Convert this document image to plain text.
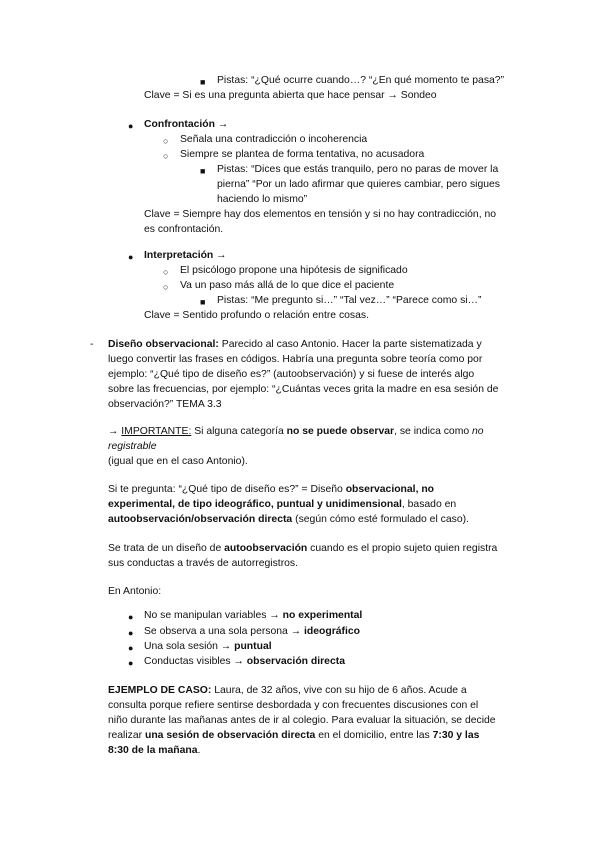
■ Pistas: “¿Qué ocurre cuando…? “¿En qué momento te pasa?”
Clave = Si es una pregunta abierta que hace pensar → Sondeo
● Confrontación →
○ Señala una contradicción o incoherencia
○ Siempre se plantea de forma tentativa, no acusadora
■ Pistas: “Dices que estás tranquilo, pero no paras de mover la
pierna” “Por un lado afirmar que quieres cambiar, pero sigues
haciendo lo mismo”
Clave = Siempre hay dos elementos en tensión y si no hay contradicción, no
es confrontación.
● Interpretación →
○ El psicólogo propone una hipótesis de significado
○ Va un paso más allá de lo que dice el paciente
■ Pistas: “Me pregunto si…” “Tal vez…” “Parece como si…”
Clave = Sentido profundo o relación entre cosas.
- Diseño observacional: Parecido al caso Antonio. Hacer la parte sistematizada y
luego convertir las frases en códigos. Habría una pregunta sobre teoría como por
ejemplo: “¿Qué tipo de diseño es?” (autoobservación) y si fuese de interés algo
sobre las frecuencias, por ejemplo: “¿Cuántas veces grita la madre en esa sesión de
observación?” TEMA 3.3
→ IMPORTANTE: Si alguna categoría no se puede observar, se indica como no
registrable
(igual que en el caso Antonio).
Si te pregunta: “¿Qué tipo de diseño es?” = Diseño observacional, no
experimental, de tipo ideográfico, puntual y unidimensional, basado en
autoobservación/observación directa (según cómo esté formulado el caso).
Se trata de un diseño de autoobservación cuando es el propio sujeto quien registra
sus conductas a través de autorregistros.
En Antonio:
● No se manipulan variables → no experimental
● Se observa a una sola persona → ideográfico
● Una sola sesión → puntual
● Conductas visibles → observación directa
EJEMPLO DE CASO: Laura, de 32 años, vive con su hijo de 6 años. Acude a
consulta porque refiere sentirse desbordada y con frecuentes discusiones con el
niño durante las mañanas antes de ir al colegio. Para evaluar la situación, se decide
realizar una sesión de observación directa en el domicilio, entre las 7:30 y las
8:30 de la mañana.
